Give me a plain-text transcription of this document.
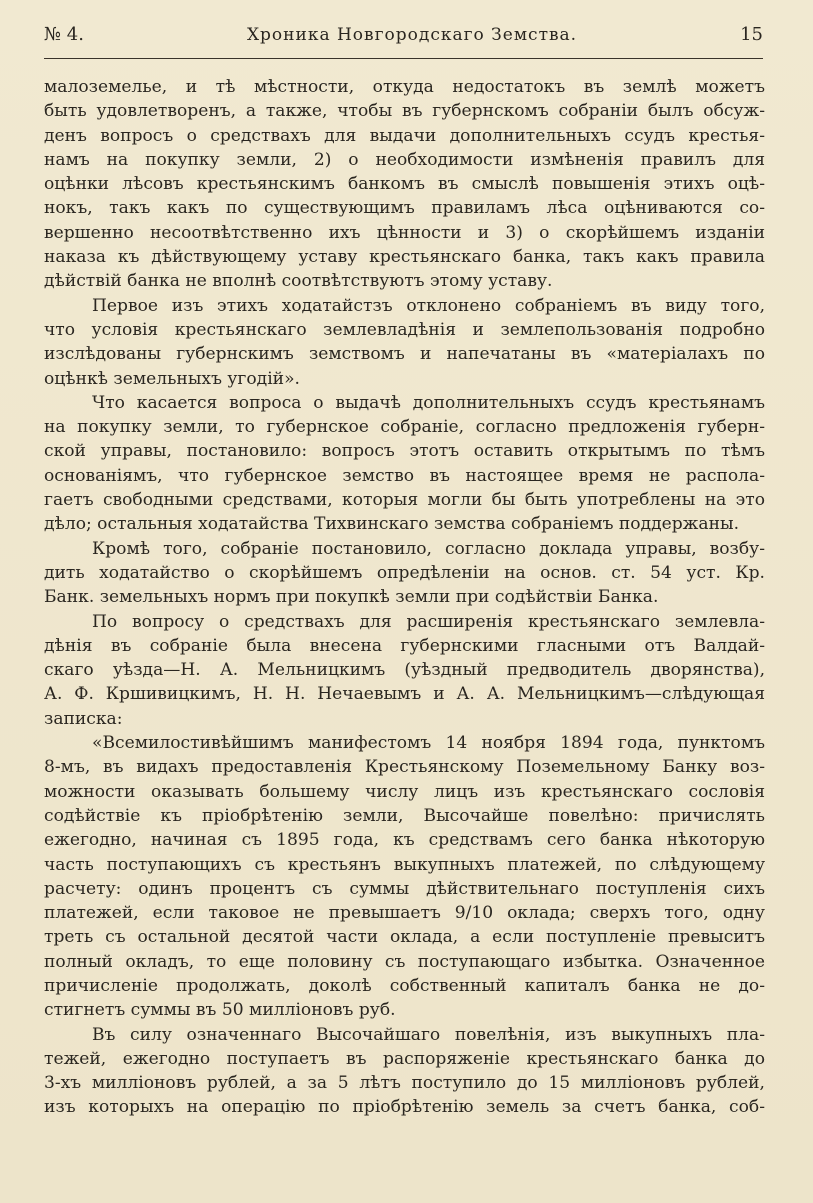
№ 4.	Хроника Новгородскаго Земства.	15
малоземелье, и тѣ мѣстности, откуда недостатокъ въ землѣ можетъ
быть удовлетворенъ, а также, чтобы въ губернскомъ собраніи былъ обсуж-
денъ вопросъ о средствахъ для выдачи дополнительныхъ ссудъ крестья-
намъ на покупку земли, 2) о необходимости измѣненія правилъ для
оцѣнки лѣсовъ крестьянскимъ банкомъ въ смыслѣ повышенія этихъ оцѣ-
нокъ, такъ какъ по существующимъ правиламъ лѣса оцѣниваются со-
вершенно несоотвѣтственно ихъ цѣнности и 3) о скорѣйшемъ изданіи
наказа къ дѣйствующему уставу крестьянскаго банка, такъ какъ правила
дѣйствій банка не вполнѣ соотвѣтствуютъ этому уставу.
Первое изъ этихъ ходатайстзъ отклонено собраніемъ въ виду того,
что условія крестьянскаго землевладѣнія и землепользованія подробно
изслѣдованы губернскимъ земствомъ и напечатаны въ «матеріалахъ по
оцѣнкѣ земельныхъ угодій».
Что касается вопроса о выдачѣ дополнительныхъ ссудъ крестьянамъ
на покупку земли, то губернское собраніе, согласно предложенія губерн-
ской управы, постановило: вопросъ этотъ оставить открытымъ по тѣмъ
основаніямъ, что губернское земство въ настоящее время не распола-
гаетъ свободными средствами, которыя могли бы быть употреблены на это
дѣло; остальныя ходатайства Тихвинскаго земства собраніемъ поддержаны.
Кромѣ того, собраніе постановило, согласно доклада управы, возбу-
дить ходатайство о скорѣйшемъ опредѣленіи на основ. ст. 54 уст. Кр.
Банк. земельныхъ нормъ при покупкѣ земли при содѣйствіи Банка.
По вопросу о средствахъ для расширенія крестьянскаго землевла-
дѣнія въ собраніе была внесена губернскими гласными отъ Валдай-
скаго уѣзда—Н. А. Мельницкимъ (уѣздный предводитель дворянства),
А. Ф. Кршивицкимъ, Н. Н. Нечаевымъ и А. А. Мельницкимъ—слѣдующая
записка:
«Всемилостивѣйшимъ манифестомъ 14 ноября 1894 года, пунктомъ
8-мъ, въ видахъ предоставленія Крестьянскому Поземельному Банку воз-
можности оказывать большему числу лицъ изъ крестьянскаго сословія
содѣйствіе къ пріобрѣтенію земли, Высочайше повелѣно: причислять
ежегодно, начиная съ 1895 года, къ средствамъ сего банка нѣкоторую
часть поступающихъ съ крестьянъ выкупныхъ платежей, по слѣдующему
расчету: одинъ процентъ съ суммы дѣйствительнаго поступленія сихъ
платежей, если таковое не превышаетъ 9/10 оклада; сверхъ того, одну
треть съ остальной десятой части оклада, а если поступленіе превыситъ
полный окладъ, то еще половину съ поступающаго избытка. Означенное
причисленіе продолжать, доколѣ собственный капиталъ банка не до-
стигнетъ суммы въ 50 милліоновъ руб.
Въ силу означеннаго Высочайшаго повелѣнія, изъ выкупныхъ пла-
тежей, ежегодно поступаетъ въ распоряженіе крестьянскаго банка до
3-хъ милліоновъ рублей, а за 5 лѣтъ поступило до 15 милліоновъ рублей,
изъ которыхъ на операцію по пріобрѣтенію земель за счетъ банка, соб-
